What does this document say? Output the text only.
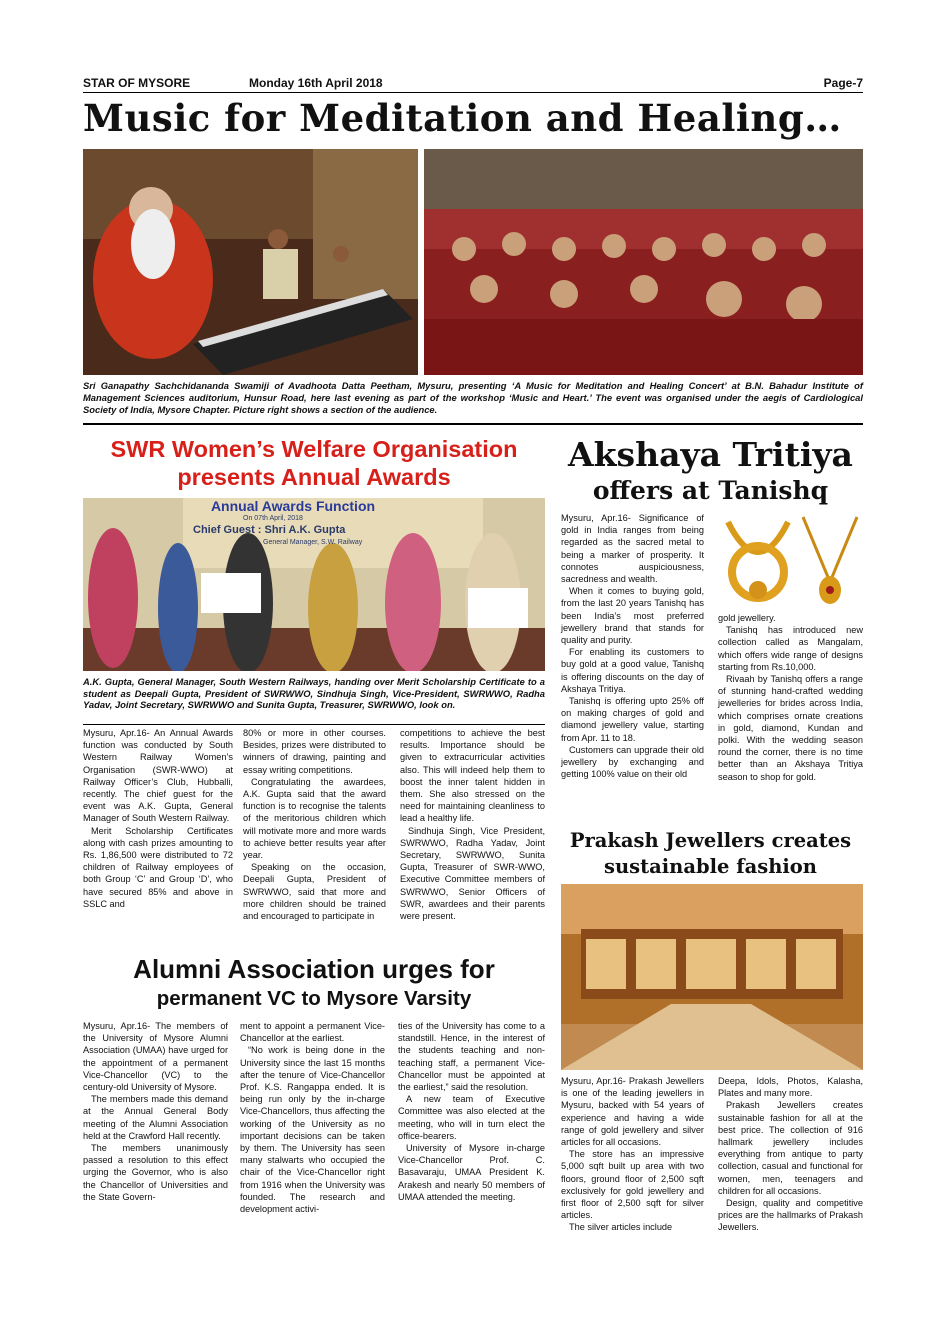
STAR OF MYSORE	Monday 16th April 2018	Page-7
Music for Meditation and Healing…
Sri Ganapathy Sachchidananda Swamiji of Avadhoota Datta Peetham, Mysuru, presenting ‘A Music for Meditation and Healing Concert’ at B.N. Bahadur Institute of Management Sciences auditorium, Hunsur Road, here last evening as part of the workshop ‘Music and Heart.’ The event was organised under the aegis of Cardiological Society of India, Mysore Chapter. Picture right shows a section of the audience.
SWR Women’s Welfare Organisation
presents Annual Awards
Annual Awards Function
On 07th April, 2018
Chief Guest : Shri A.K. Gupta
General Manager, S.W. Railway
A.K. Gupta, General Manager, South Western Railways, handing over Merit Scholarship Certificate to a student as Deepali Gupta, President of SWRWWO, Sindhuja Singh, Vice-President, SWRWWO, Radha Yadav, Joint Secretary, SWRWWO and Sunita Gupta, Treasurer, SWRWWO, look on.

Mysuru, Apr.16- An Annual Awards function was conducted by South Western Railway Women’s Organisation (SWR-WWO) at Railway Officer’s Club, Hubballi, recently. The chief guest for the event was A.K. Gupta, General Manager of South Western Railway.

Merit Scholarship Certificates along with cash prizes amounting to Rs. 1,86,500 were distributed to 72 children of Railway employees of both Group ‘C’ and Group ‘D’, who have secured 85% and above in SSLC and

80% or more in other courses. Besides, prizes were distributed to winners of drawing, painting and essay writing competitions.

Congratulating the awardees, A.K. Gupta said that the award function is to recognise the talents of the meritorious children which will motivate more and more wards to achieve better results year after year.

Speaking on the occasion, Deepali Gupta, President of SWRWWO, said that more and more children should be trained and encouraged to participate in

competitions to achieve the best results. Importance should be given to extracurricular activities also. This will indeed help them to boost the inner talent hidden in them. She also stressed on the need for maintaining cleanliness to lead a healthy life.

Sindhuja Singh, Vice President, SWRWWO, Radha Yadav, Joint Secretary, SWRWWO, Sunita Gupta, Treasurer of SWR-WWO, Executive Committee members of SWRWWO, Senior Officers of SWR, awardees and their parents were present.

Alumni Association urges for
permanent VC to Mysore Varsity

Mysuru, Apr.16- The members of the University of Mysore Alumni Association (UMAA) have urged for the appointment of a permanent Vice-Chancellor (VC) to the century-old University of Mysore.

The members made this demand at the Annual General Body meeting of the Alumni Association held at the Crawford Hall recently.

The members unanimously passed a resolution to this effect urging the Governor, who is also the Chancellor of Universities and the State Govern-

ment to appoint a permanent Vice-Chancellor at the earliest.

“No work is being done in the University since the last 15 months after the tenure of Vice-Chancellor Prof. K.S. Rangappa ended. It is being run only by the in-charge Vice-Chancellors, thus affecting the working of the University as no important decisions can be taken by them. The University has seen many stalwarts who occupied the chair of the Vice-Chancellor right from 1916 when the University was founded. The research and development activi-

ties of the University has come to a standstill. Hence, in the interest of the students teaching and non-teaching staff, a permanent Vice-Chancellor must be appointed at the earliest,” said the resolution.

A new team of Executive Committee was also elected at the meeting, who will in turn elect the office-bearers.

University of Mysore in-charge Vice-Chancellor Prof. C. Basavaraju, UMAA President K. Arakesh and nearly 50 members of UMAA attended the meeting.

Akshaya Tritiya
offers at Tanishq

Mysuru, Apr.16- Significance of gold in India ranges from being regarded as the sacred metal to being a marker of prosperity. It connotes auspiciousness, sacredness and wealth.

When it comes to buying gold, from the last 20 years Tanishq has been India’s most preferred jewellery brand that stands for quality and purity.

For enabling its customers to buy gold at a good value, Tanishq is offering discounts on the day of Akshaya Tritiya.

Tanishq is offering upto 25% off on making charges of gold and diamond jewellery value, starting from Apr. 11 to 18.

Customers can upgrade their old jewellery by exchanging and getting 100% value on their old

gold jewellery.

Tanishq has introduced new collection called as Mangalam, which offers wide range of designs starting from Rs.10,000.

Rivaah by Tanishq offers a range of stunning hand-crafted wedding jewelleries for brides across India, which comprises ornate creations in gold, diamond, Kundan and polki. With the wedding season round the corner, there is no time better than an Akshaya Tritiya season to shop for gold.

Prakash Jewellers creates
sustainable fashion

Mysuru, Apr.16- Prakash Jewellers is one of the leading jewellers in Mysuru, backed with 54 years of experience and having a wide range of gold jewellery and silver articles for all occasions.

The store has an impressive 5,000 sqft built up area with two floors, ground floor of 2,500 sqft exclusively for gold jewellery and first floor of 2,500 sqft for silver articles.

The silver articles include

Deepa, Idols, Photos, Kalasha, Plates and many more.

Prakash Jewellers creates sustainable fashion for all at the best price. The collection of 916 hallmark jewellery includes everything from antique to party collection, casual and functional for women, men, teenagers and children for all occasions.

Design, quality and competitive prices are the hallmarks of Prakash Jewellers.
